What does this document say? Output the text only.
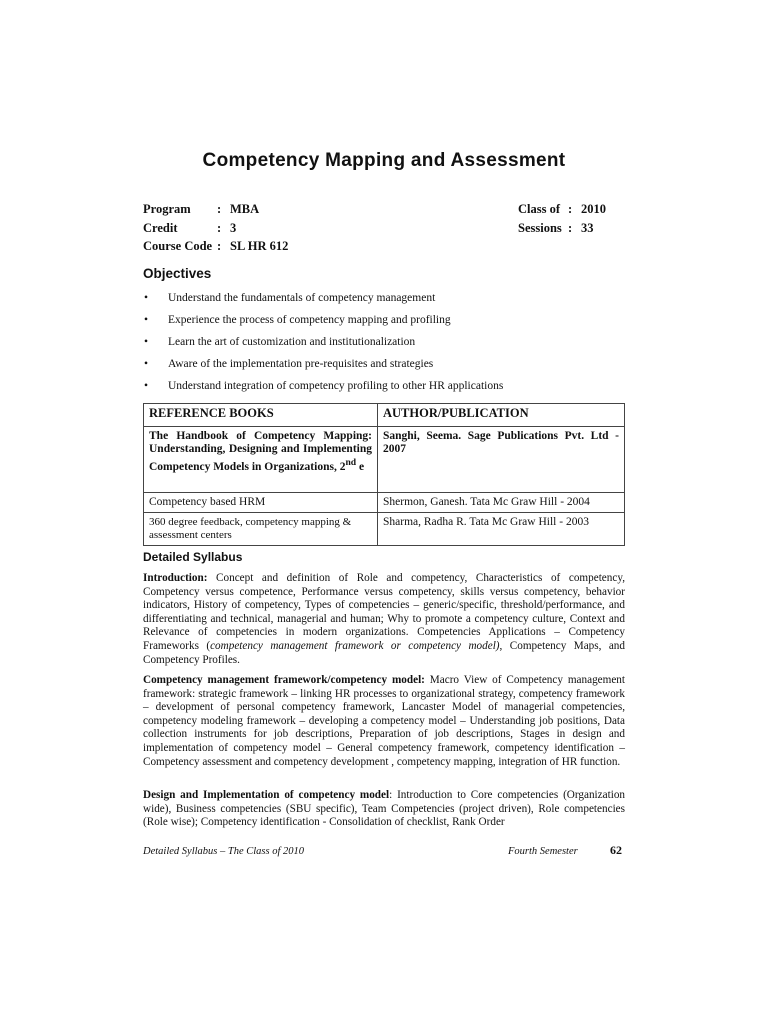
Competency Mapping and Assessment
Program	: MBA
Credit	: 3
Course Code : SL HR 612
Class of : 2010
Sessions : 33
Objectives
•	Understand the fundamentals of competency management
•	Experience the process of competency mapping and profiling
•	Learn the art of customization and institutionalization
•	Aware of the implementation pre-requisites and strategies
•	Understand integration of competency profiling to other HR applications
REFERENCE BOOKS	AUTHOR/PUBLICATION
The Handbook of Competency Mapping: Understanding, Designing and Implementing Competency Models in Organizations, 2nd e	Sanghi, Seema. Sage Publications Pvt. Ltd - 2007
Competency based HRM	Shermon, Ganesh. Tata Mc Graw Hill - 2004
360 degree feedback, competency mapping & assessment centers	Sharma, Radha R. Tata Mc Graw Hill - 2003
Detailed Syllabus

Introduction: Concept and definition of Role and competency, Characteristics of competency, Competency versus competence, Performance versus competency, skills versus competency, behavior indicators, History of competency, Types of competencies – generic/specific, threshold/performance, and differentiating and technical, managerial and human; Why to promote a competency culture, Context and Relevance of competencies in modern organizations. Competencies Applications – Competency Frameworks (competency management framework or competency model), Competency Maps, and Competency Profiles.

Competency management framework/competency model: Macro View of Competency management framework: strategic framework – linking HR processes to organizational strategy, competency framework – development of personal competency framework, Lancaster Model of managerial competencies, competency modeling framework – developing a competency model – Understanding job positions, Data collection instruments for job descriptions, Preparation of job descriptions, Stages in design and implementation of competency model – General competency framework, competency identification – Competency assessment and competency development , competency mapping, integration of HR function.

Design and Implementation of competency model: Introduction to Core competencies (Organization wide), Business competencies (SBU specific), Team Competencies (project driven), Role competencies (Role wise); Competency identification - Consolidation of checklist, Rank Order

Detailed Syllabus – The Class of 2010	Fourth Semester	62
